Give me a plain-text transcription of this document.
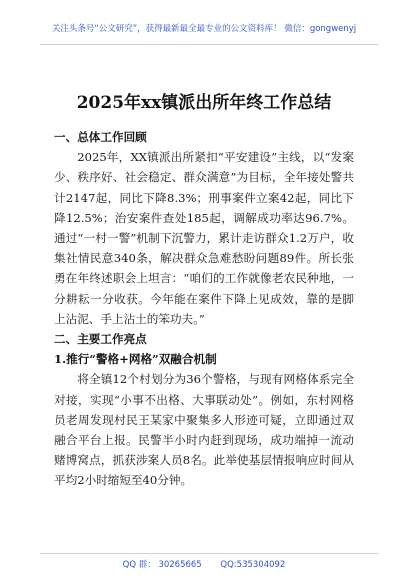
关注头条号“公文研究”，获得最新最全最专业的公文资料库！ 微信：gongwenyj
2025年xx镇派出所年终工作总结

一、总体工作回顾

2025年，XX镇派出所紧扣“平安建设”主线，以“发案少、秩序好、社会稳定、群众满意”为目标，全年接处警共计2147起，同比下降8.3%；刑事案件立案42起，同比下降12.5%；治安案件查处185起，调解成功率达96.7%。通过“一村一警”机制下沉警力，累计走访群众1.2万户，收集社情民意340条，解决群众急难愁盼问题89件。所长张勇在年终述职会上坦言：“咱们的工作就像老农民种地，一分耕耘一分收获。今年能在案件下降上见成效，靠的是脚上沾泥、手上沾土的笨功夫。”

二、主要工作亮点

1.推行“警格+网格”双融合机制

将全镇12个村划分为36个警格，与现有网格体系完全对接，实现“小事不出格、大事联动处”。例如，东村网格员老周发现村民王某家中聚集多人形迹可疑，立即通过双融合平台上报。民警半小时内赶到现场，成功端掉一流动赌博窝点，抓获涉案人员8名。此举使基层情报响应时间从平均2小时缩短至40分钟。

QQ 群： 30265665 QQ:535304092
